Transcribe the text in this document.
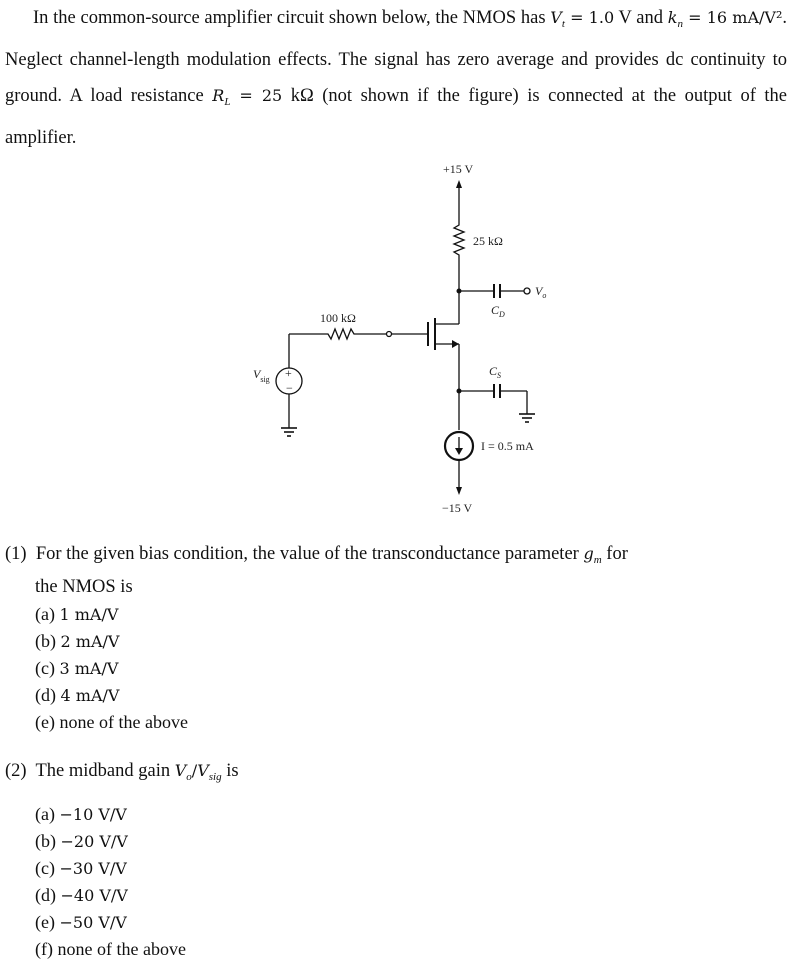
In the common-source amplifier circuit shown below, the NMOS has $V_t = 1.0$ V and $k_n = 16$ mA/V². Neglect channel-length modulation effects. The signal has zero average and provides dc continuity to ground. A load resistance $R_L = 25$ kΩ (not shown if the figure) is connected at the output of the amplifier.

+15 V
25 kΩ
$V_o$
$C_D$
100 kΩ
+
−
$V_{sig}$
$C_S$
I = 0.5 mA
−15 V
(1) For the given bias condition, the value of the transconductance parameter $g_m$ for
the NMOS is
(a) 1 mA/V
(b) 2 mA/V
(c) 3 mA/V
(d) 4 mA/V
(e) none of the above
(2) The midband gain $V_o/V_{sig}$ is
(a) −10 V/V
(b) −20 V/V
(c) −30 V/V
(d) −40 V/V
(e) −50 V/V
(f) none of the above
